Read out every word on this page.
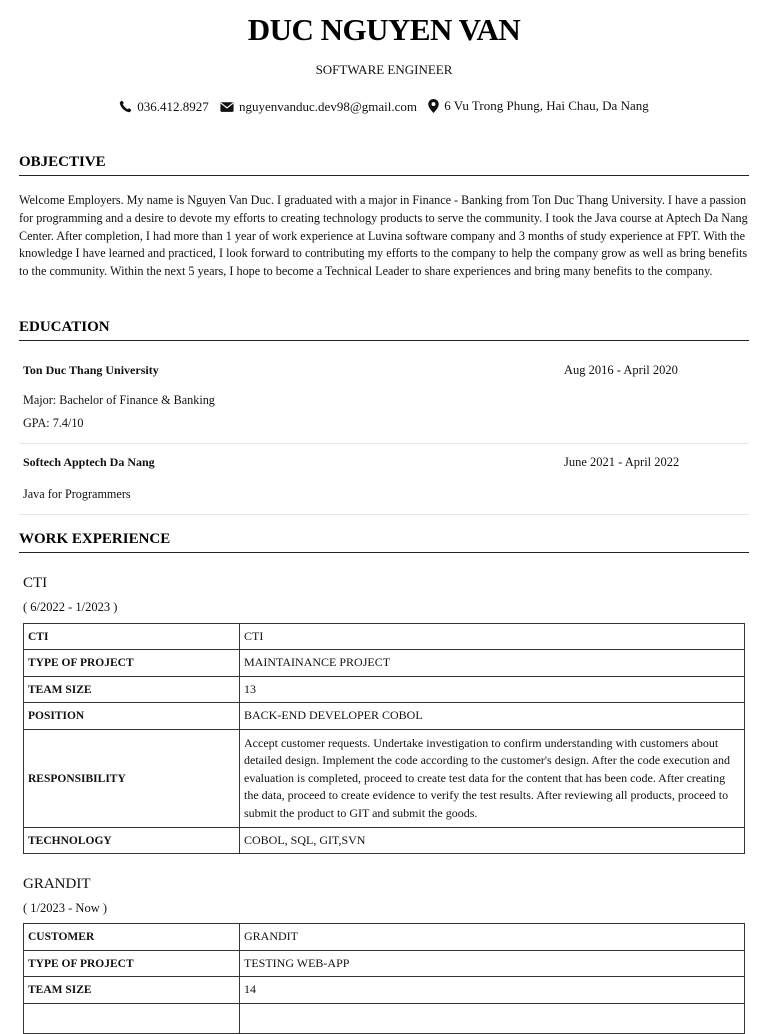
DUC NGUYEN VAN
SOFTWARE ENGINEER
036.412.8927
nguyenvanduc.dev98@gmail.com
6 Vu Trong Phung, Hai Chau, Da Nang
OBJECTIVE
Welcome Employers. My name is Nguyen Van Duc. I graduated with a major in Finance - Banking from Ton Duc Thang University. I have a passion for programming and a desire to devote my efforts to creating technology products to serve the community. I took the Java course at Aptech Da Nang Center. After completion, I had more than 1 year of work experience at Luvina software company and 3 months of study experience at FPT. With the knowledge I have learned and practiced, I look forward to contributing my efforts to the company to help the company grow as well as bring benefits to the community. Within the next 5 years, I hope to become a Technical Leader to share experiences and bring many benefits to the company.
EDUCATION
Ton Duc Thang University	Aug 2016 - April 2020
Major: Bachelor of Finance & Banking
GPA: 7.4/10
Softech Apptech Da Nang	June 2021 - April 2022
Java for Programmers
WORK EXPERIENCE
CTI
( 6/2022 - 1/2023 )
CTI	CTI
TYPE OF PROJECT	MAINTAINANCE PROJECT
TEAM SIZE	13
POSITION	BACK-END DEVELOPER COBOL
RESPONSIBILITY	Accept customer requests. Undertake investigation to confirm understanding with customers about detailed design. Implement the code according to the customer's design. After the code execution and evaluation is completed, proceed to create test data for the content that has been code. After creating the data, proceed to create evidence to verify the test results. After reviewing all products, proceed to submit the product to GIT and submit the goods.
TECHNOLOGY	COBOL, SQL, GIT,SVN
GRANDIT
( 1/2023 - Now )
CUSTOMER	GRANDIT
TYPE OF PROJECT	TESTING WEB-APP
TEAM SIZE	14
